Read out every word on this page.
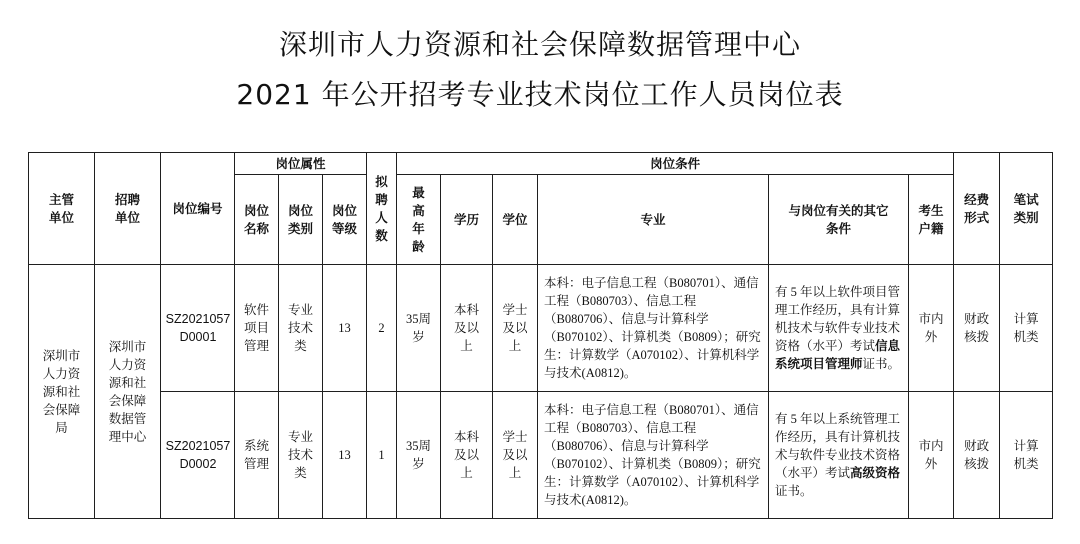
深圳市人力资源和社会保障数据管理中心
2021 年公开招考专业技术岗位工作人员岗位表
主管单位	招聘单位	岗位编号	岗位属性			拟聘人数	岗位条件						经费形式	笔试类别

			岗位名称	岗位类别	岗位等级		最高年龄	学历	学位	专业	与岗位有关的其它条件	考生户籍		

深圳市人力资源和社会保障局	深圳市人力资源和社会保障数据管理中心	SZ2021057D0001	软件项目管理	专业技术类	13	2	35周岁	本科及以上	学士及以上	本科：电子信息工程（B080701）、通信工程（B080703）、信息工程（B080706）、信息与计算科学（B070102）、计算机类（B0809）；研究生：计算数学（A070102）、计算机科学与技术(A0812)。	有 5 年以上软件项目管理工作经历，具有计算机技术与软件专业技术资格（水平）考试信息系统项目管理师证书。	市内外	财政核拨	计算机类

		SZ2021057D0002	系统管理	专业技术类	13	1	35周岁	本科及以上	学士及以上	本科：电子信息工程（B080701）、通信工程（B080703）、信息工程（B080706）、信息与计算科学（B070102）、计算机类（B0809）；研究生：计算数学（A070102）、计算机科学与技术(A0812)。	有 5 年以上系统管理工作经历，具有计算机技术与软件专业技术资格（水平）考试高级资格证书。	市内外	财政核拨	计算机类
